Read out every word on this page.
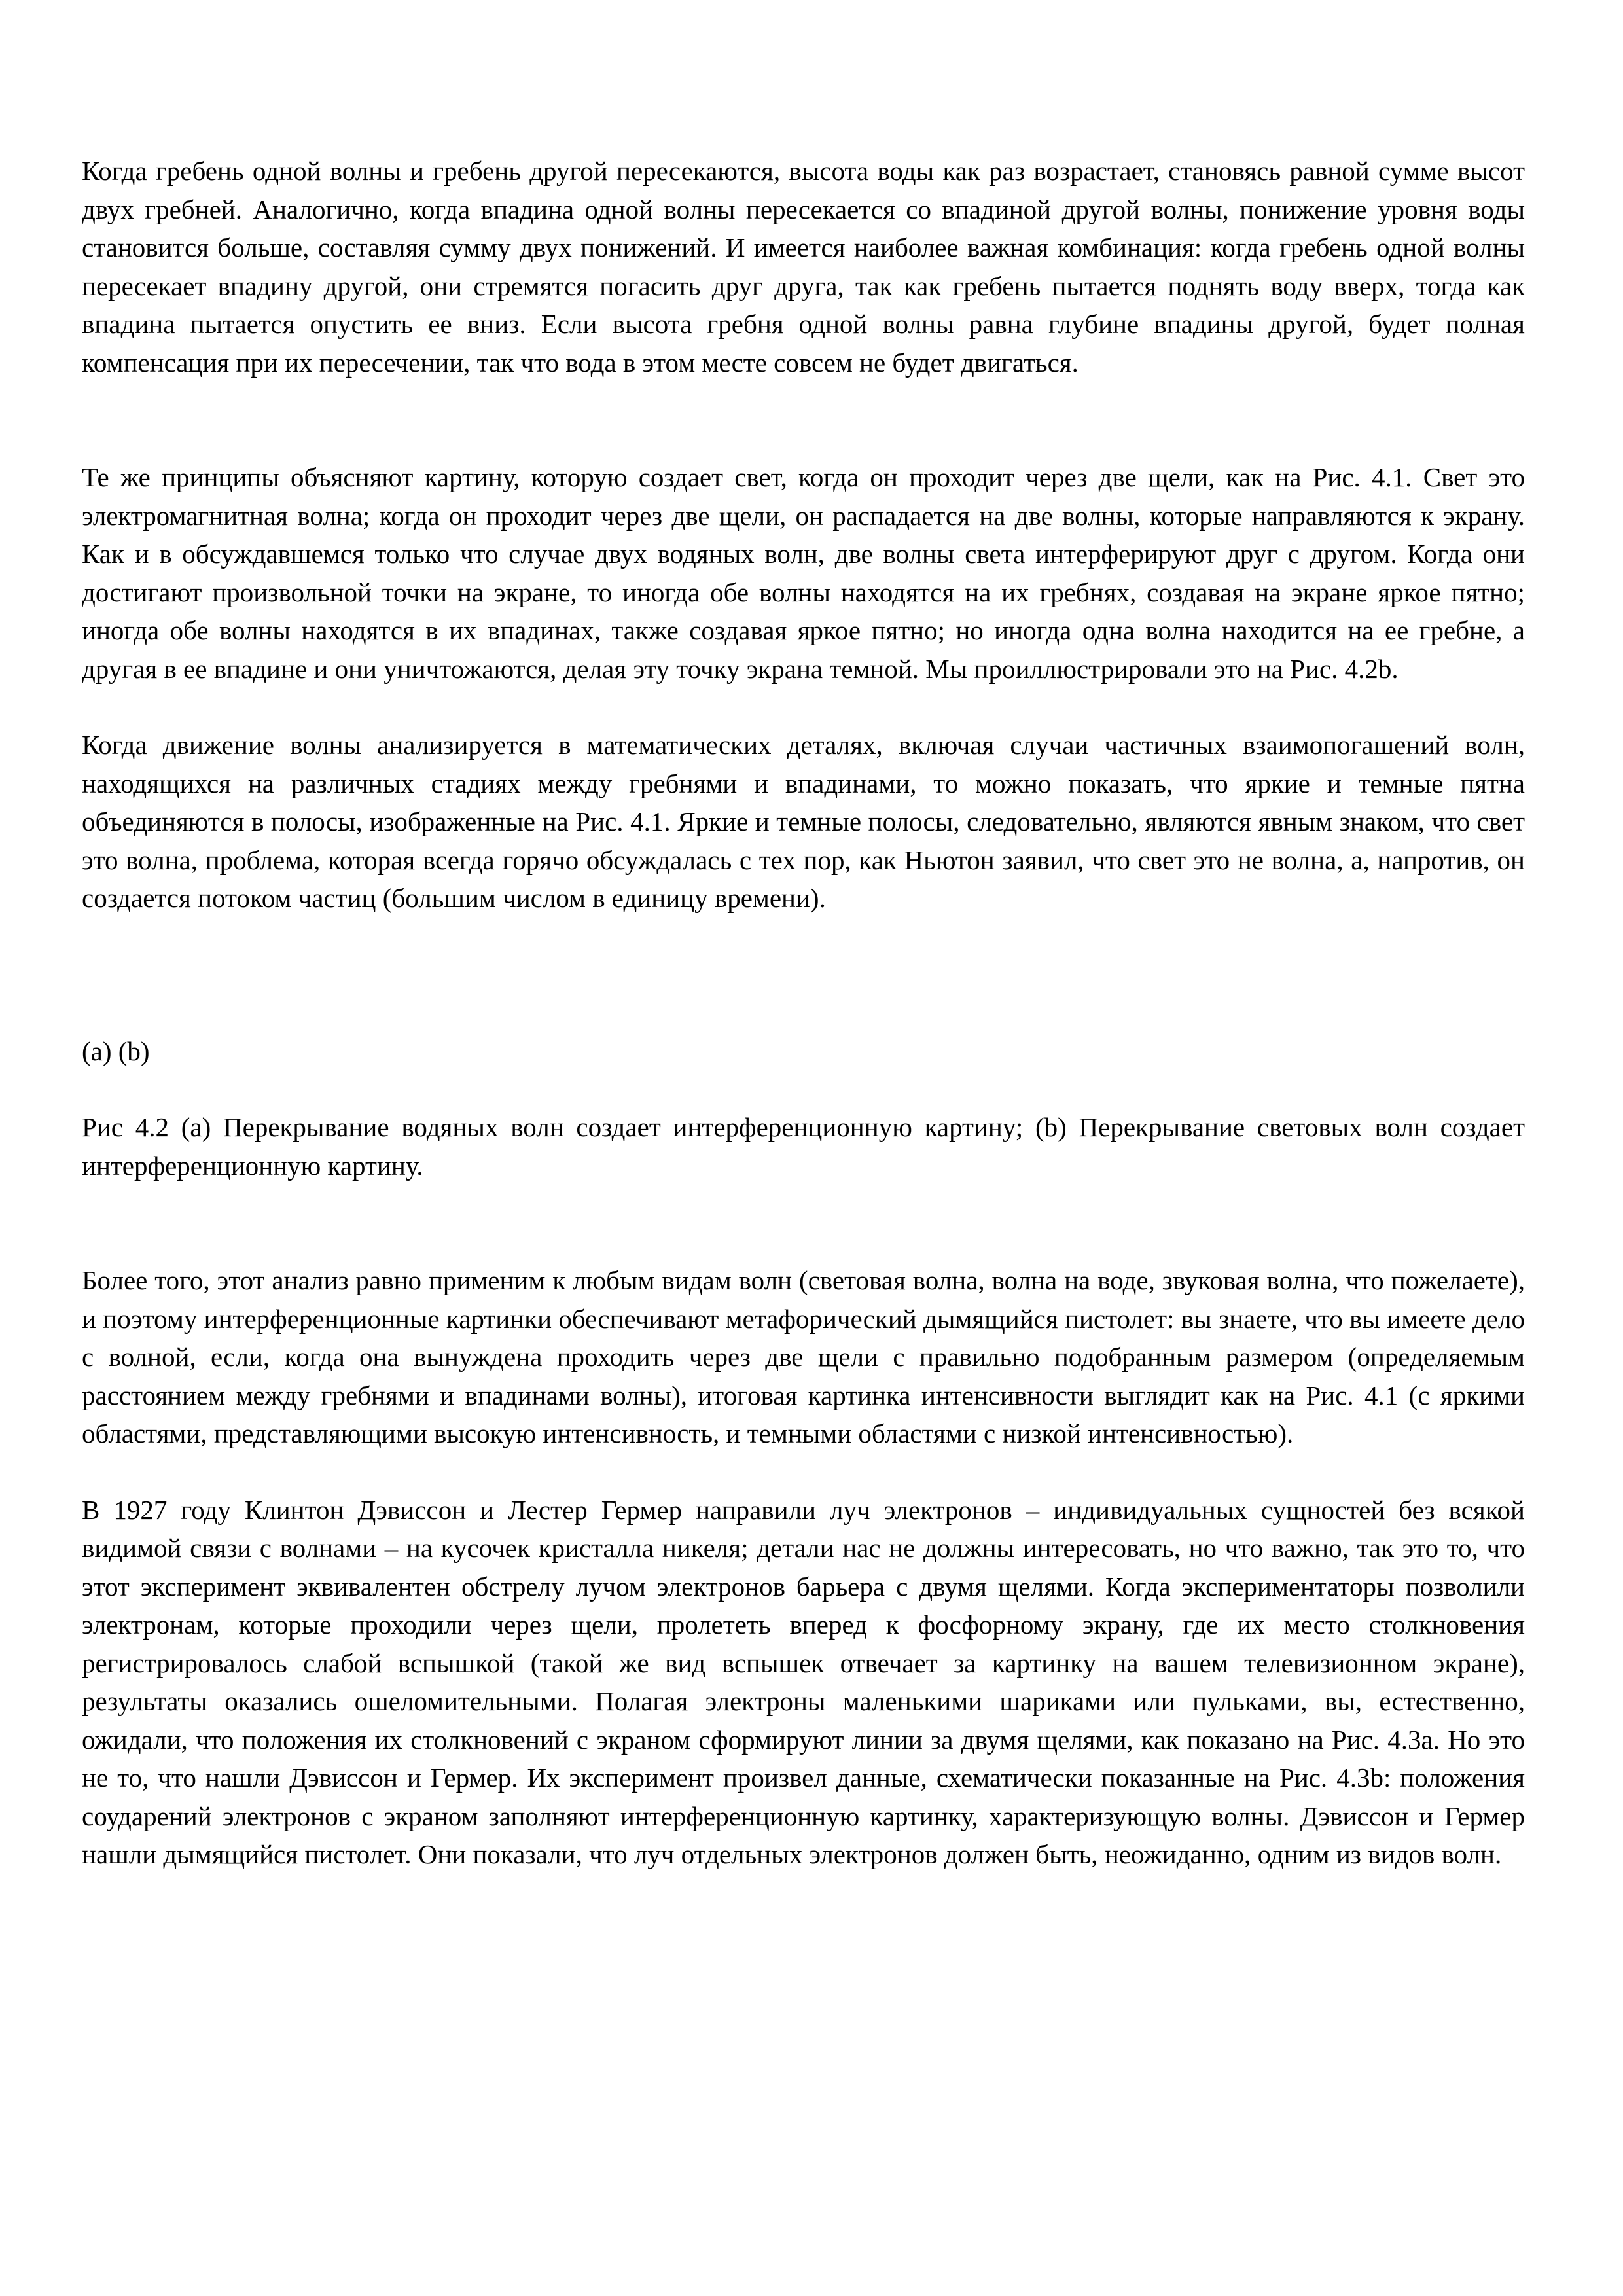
Когда гребень одной волны и гребень другой пересекаются, высота воды как раз возрастает, становясь равной сумме высот двух гребней. Аналогично, когда впадина одной волны пересекается со впадиной другой волны, понижение уровня воды становится больше, составляя сумму двух понижений. И имеется наиболее важная комбинация: когда гребень одной волны пересекает впадину другой, они стремятся погасить друг друга, так как гребень пытается поднять воду вверх, тогда как впадина пытается опустить ее вниз. Если высота гребня одной волны равна глубине впадины другой, будет полная компенсация при их пересечении, так что вода в этом месте совсем не будет двигаться.

Те же принципы объясняют картину, которую создает свет, когда он проходит через две щели, как на Рис. 4.1. Свет это электромагнитная волна; когда он проходит через две щели, он распадается на две волны, которые направляются к экрану. Как и в обсуждавшемся только что случае двух водяных волн, две волны света интерферируют друг с другом. Когда они достигают произвольной точки на экране, то иногда обе волны находятся на их гребнях, создавая на экране яркое пятно; иногда обе волны находятся в их впадинах, также создавая яркое пятно; но иногда одна волна находится на ее гребне, а другая в ее впадине и они уничтожаются, делая эту точку экрана темной. Мы проиллюстрировали это на Рис. 4.2b.

Когда движение волны анализируется в математических деталях, включая случаи частичных взаимопогашений волн, находящихся на различных стадиях между гребнями и впадинами, то можно показать, что яркие и темные пятна объединяются в полосы, изображенные на Рис. 4.1. Яркие и темные полосы, следовательно, являются явным знаком, что свет это волна, проблема, которая всегда горячо обсуждалась с тех пор, как Ньютон заявил, что свет это не волна, а, напротив, он создается потоком частиц (большим числом в единицу времени).

(a) (b)

Рис 4.2 (a) Перекрывание водяных волн создает интерференционную картину; (b) Перекрывание световых волн создает интерференционную картину.

Более того, этот анализ равно применим к любым видам волн (световая волна, волна на воде, звуковая волна, что пожелаете), и поэтому интерференционные картинки обеспечивают метафорический дымящийся пистолет: вы знаете, что вы имеете дело с волной, если, когда она вынуждена проходить через две щели с правильно подобранным размером (определяемым расстоянием между гребнями и впадинами волны), итоговая картинка интенсивности выглядит как на Рис. 4.1 (с яркими областями, представляющими высокую интенсивность, и темными областями с низкой интенсивностью).

В 1927 году Клинтон Дэвиссон и Лестер Гермер направили луч электронов – индивидуальных сущностей без всякой видимой связи с волнами – на кусочек кристалла никеля; детали нас не должны интересовать, но что важно, так это то, что этот эксперимент эквивалентен обстрелу лучом электронов барьера с двумя щелями. Когда экспериментаторы позволили электронам, которые проходили через щели, пролететь вперед к фосфорному экрану, где их место столкновения регистрировалось слабой вспышкой (такой же вид вспышек отвечает за картинку на вашем телевизионном экране), результаты оказались ошеломительными. Полагая электроны маленькими шариками или пульками, вы, естественно, ожидали, что положения их столкновений с экраном сформируют линии за двумя щелями, как показано на Рис. 4.3a. Но это не то, что нашли Дэвиссон и Гермер. Их эксперимент произвел данные, схематически показанные на Рис. 4.3b: положения соударений электронов с экраном заполняют интерференционную картинку, характеризующую волны. Дэвиссон и Гермер нашли дымящийся пистолет. Они показали, что луч отдельных электронов должен быть, неожиданно, одним из видов волн.
